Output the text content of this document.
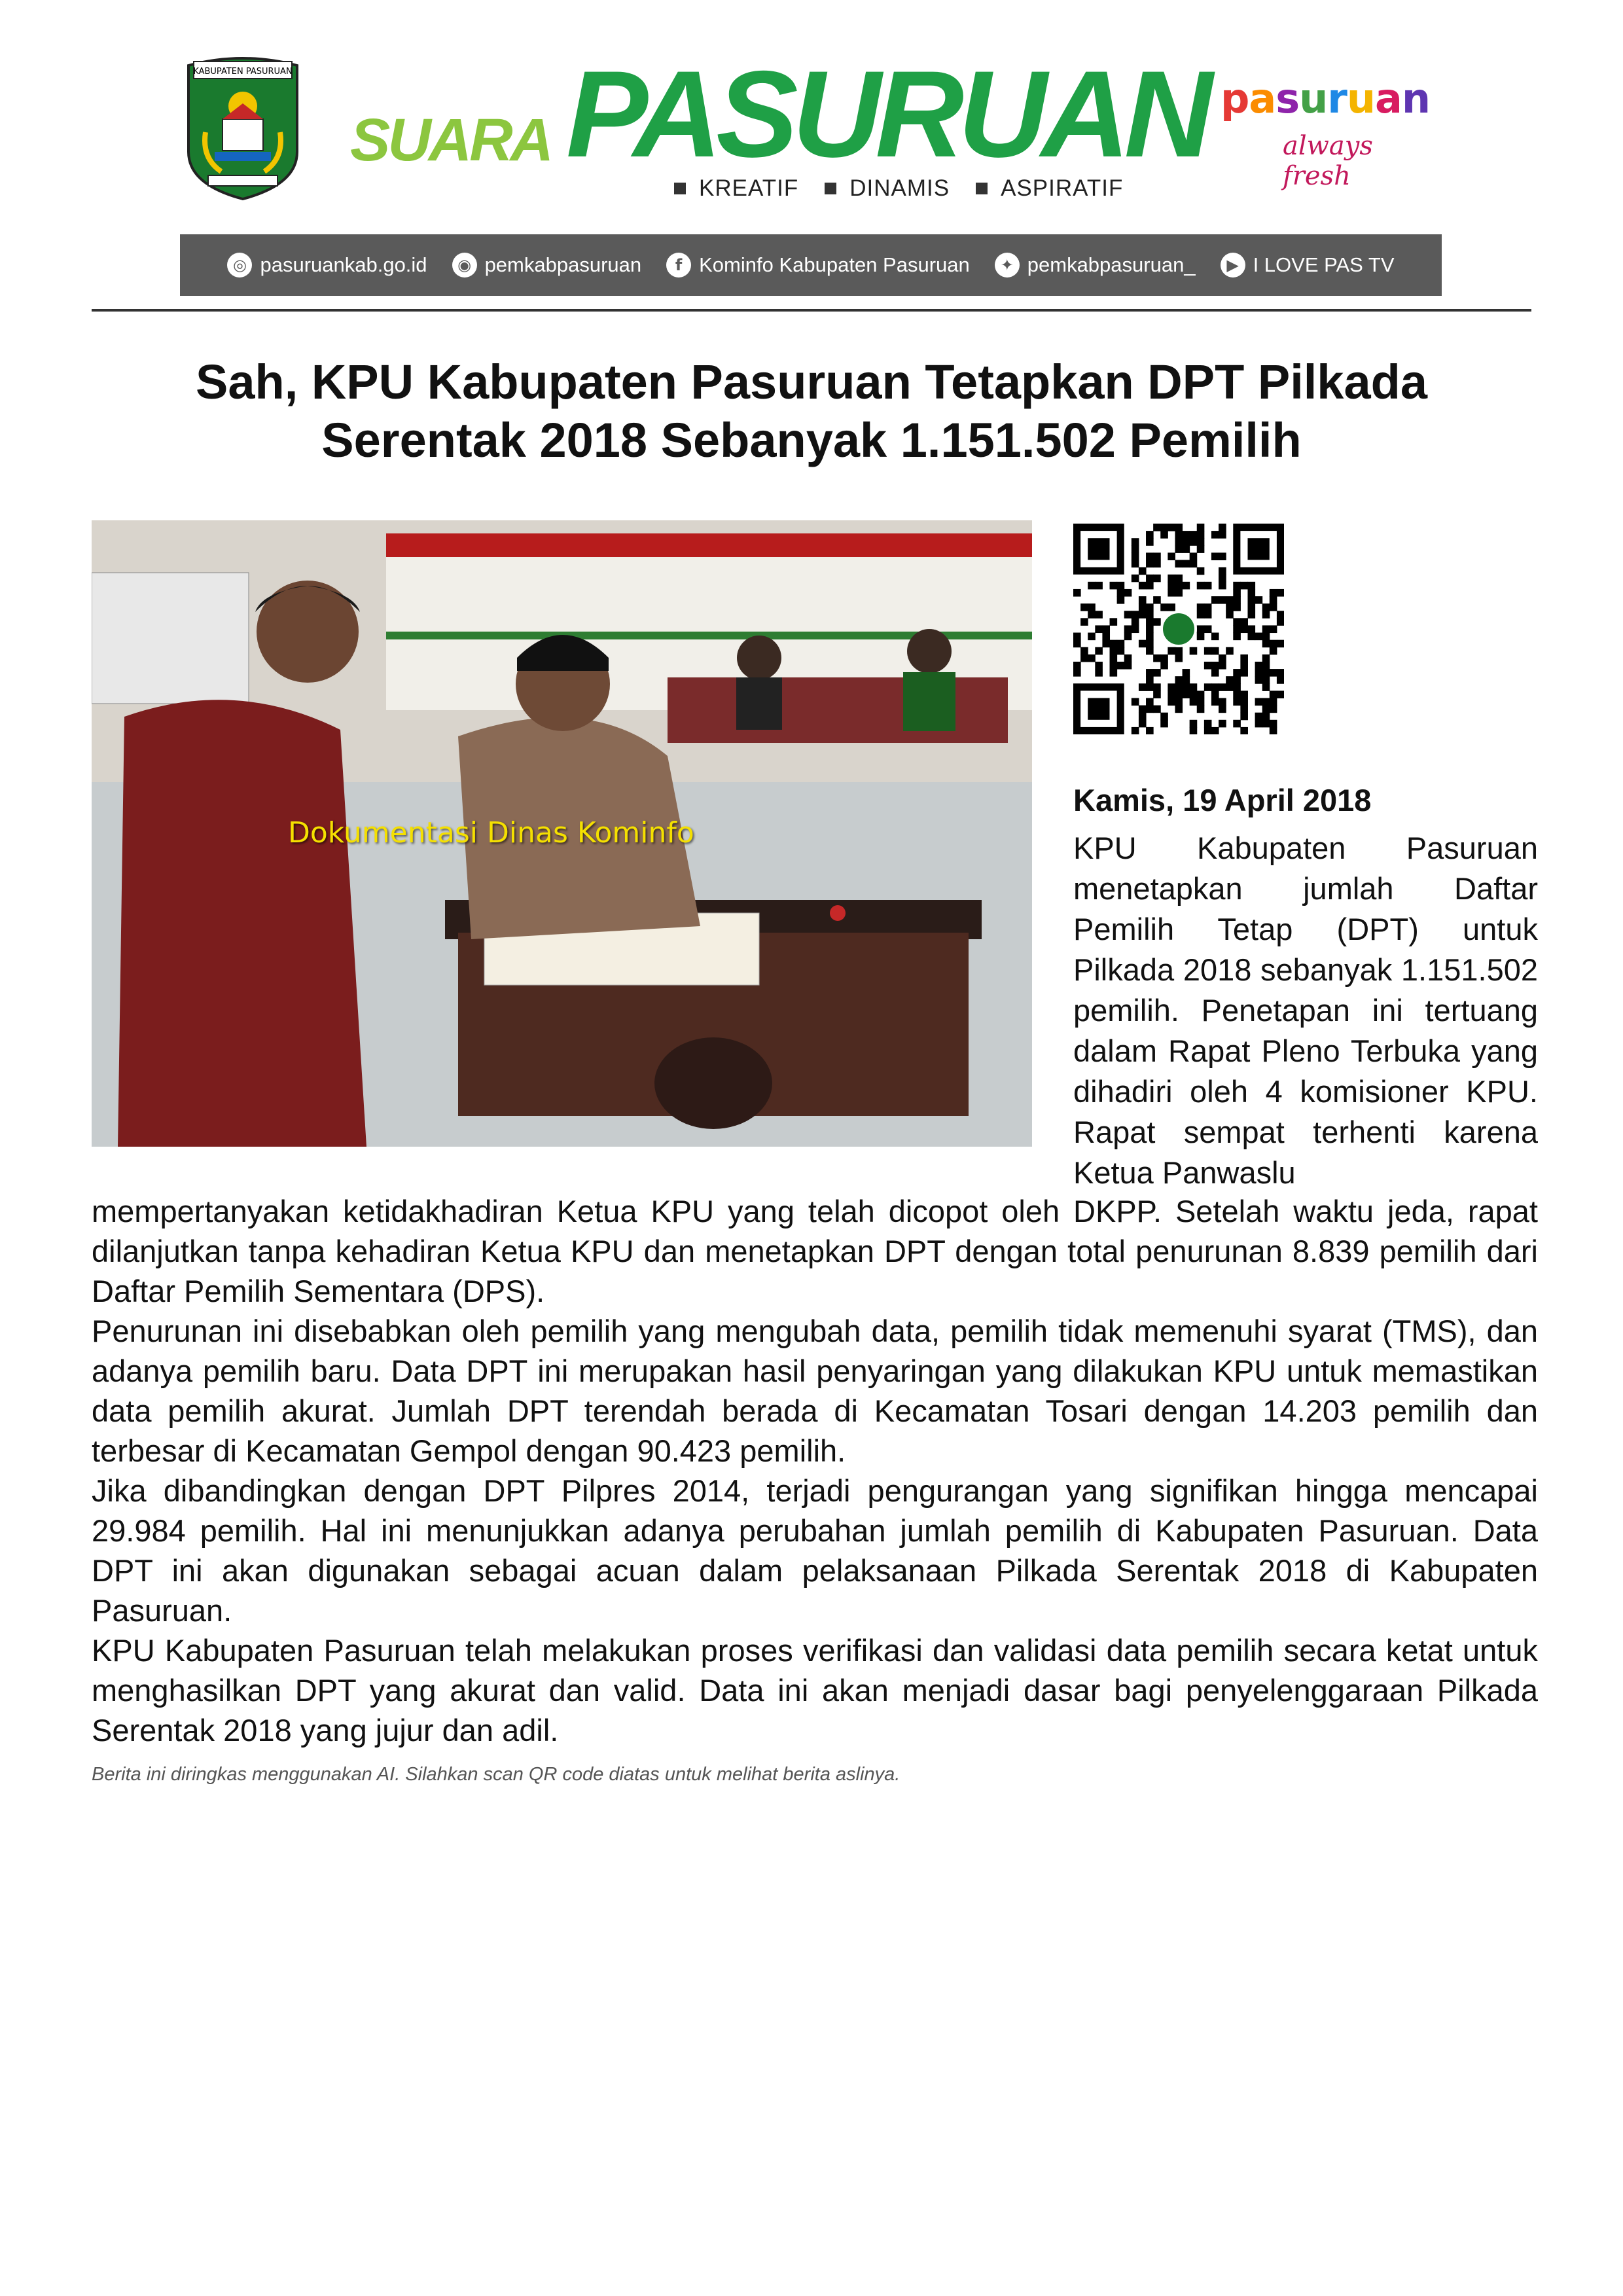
KABUPATEN PASURUAN
SUARA PASURUAN
KREATIF	DINAMIS	ASPIRATIF
pasuruan
always fresh
◎ pasuruankab.go.id	◉ pemkabpasuruan	f Kominfo Kabupaten Pasuruan	✦ pemkabpasuruan_	▶ I LOVE PAS TV
Sah, KPU Kabupaten Pasuruan Tetapkan DPT Pilkada Serentak 2018 Sebanyak 1.151.502 Pemilih
Dokumentasi Dinas Kominfo
Kamis, 19 April 2018

KPU Kabupaten Pasuruan menetapkan jumlah Daftar Pemilih Tetap (DPT) untuk Pilkada 2018 sebanyak 1.151.502 pemilih. Penetapan ini tertuang dalam Rapat Pleno Terbuka yang dihadiri oleh 4 komisioner KPU. Rapat sempat terhenti karena Ketua Panwaslu

mempertanyakan ketidakhadiran Ketua KPU yang telah dicopot oleh DKPP. Setelah waktu jeda, rapat dilanjutkan tanpa kehadiran Ketua KPU dan menetapkan DPT dengan total penurunan 8.839 pemilih dari Daftar Pemilih Sementara (DPS).

Penurunan ini disebabkan oleh pemilih yang mengubah data, pemilih tidak memenuhi syarat (TMS), dan adanya pemilih baru. Data DPT ini merupakan hasil penyaringan yang dilakukan KPU untuk memastikan data pemilih akurat. Jumlah DPT terendah berada di Kecamatan Tosari dengan 14.203 pemilih dan terbesar di Kecamatan Gempol dengan 90.423 pemilih.

Jika dibandingkan dengan DPT Pilpres 2014, terjadi pengurangan yang signifikan hingga mencapai 29.984 pemilih. Hal ini menunjukkan adanya perubahan jumlah pemilih di Kabupaten Pasuruan. Data DPT ini akan digunakan sebagai acuan dalam pelaksanaan Pilkada Serentak 2018 di Kabupaten Pasuruan.

KPU Kabupaten Pasuruan telah melakukan proses verifikasi dan validasi data pemilih secara ketat untuk menghasilkan DPT yang akurat dan valid. Data ini akan menjadi dasar bagi penyelenggaraan Pilkada Serentak 2018 yang jujur dan adil.

Berita ini diringkas menggunakan AI. Silahkan scan QR code diatas untuk melihat berita aslinya.
